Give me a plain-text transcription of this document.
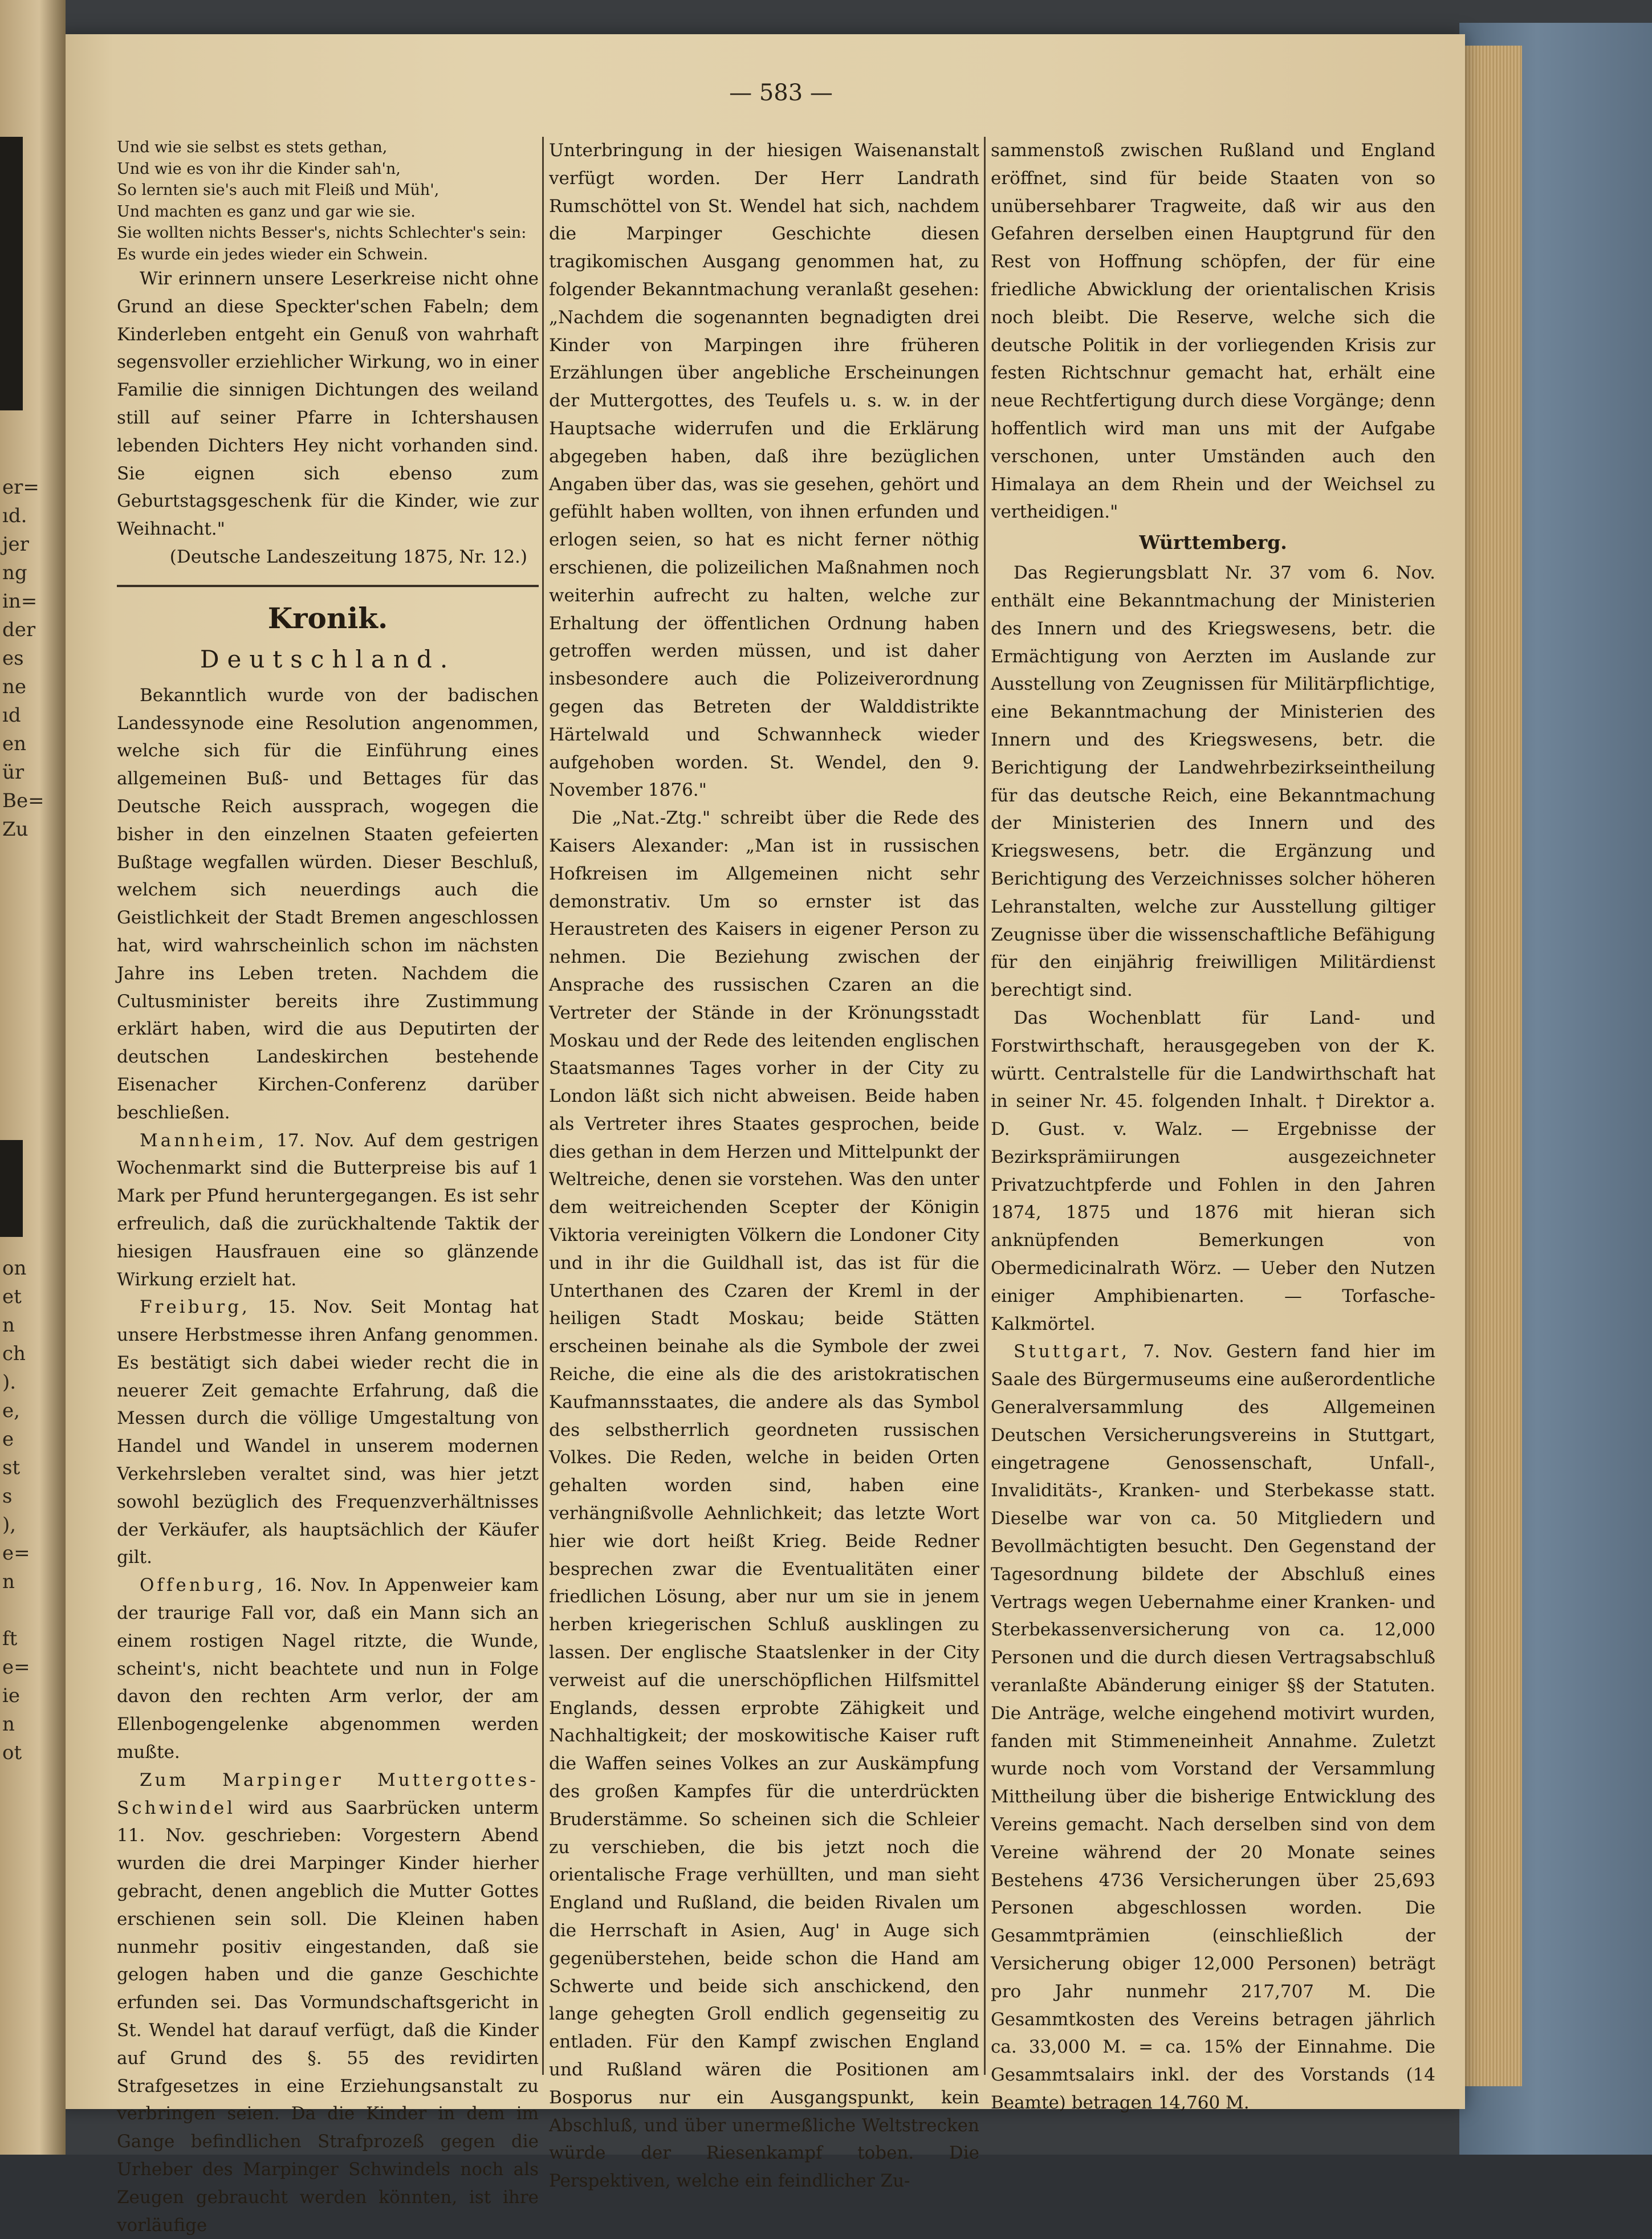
er=
ıd.
jer
ng
in=
der
es
ne
ıd
en
ür
Be=
Zu
on
et
n
ch
).
e,
e
st
s
),
e=
n

ft
e=
ie
n
ot
— 583 —
Und wie sie selbst es stets gethan,
Und wie es von ihr die Kinder sah'n,
So lernten sie's auch mit Fleiß und Müh',
Und machten es ganz und gar wie sie.
Sie wollten nichts Besser's, nichts Schlechter's sein:
Es wurde ein jedes wieder ein Schwein.

Wir erinnern unsere Leserkreise nicht ohne Grund an diese Speckter'schen Fabeln; dem Kinderleben entgeht ein Genuß von wahrhaft segensvoller erziehlicher Wirkung, wo in einer Familie die sinnigen Dichtungen des weiland still auf seiner Pfarre in Ichtershausen lebenden Dichters Hey nicht vorhanden sind. Sie eignen sich ebenso zum Geburtstagsgeschenk für die Kinder, wie zur Weihnacht."

(Deutsche Landeszeitung 1875, Nr. 12.)

Kronik.
Deutschland.

Bekanntlich wurde von der badischen Landessynode eine Resolution angenommen, welche sich für die Einführung eines allgemeinen Buß- und Bettages für das Deutsche Reich aussprach, wogegen die bisher in den einzelnen Staaten gefeierten Bußtage wegfallen würden. Dieser Beschluß, welchem sich neuerdings auch die Geistlichkeit der Stadt Bremen angeschlossen hat, wird wahrscheinlich schon im nächsten Jahre ins Leben treten. Nachdem die Cultusminister bereits ihre Zustimmung erklärt haben, wird die aus Deputirten der deutschen Landeskirchen bestehende Eisenacher Kirchen-Conferenz darüber beschließen.

Mannheim, 17. Nov. Auf dem gestrigen Wochenmarkt sind die Butterpreise bis auf 1 Mark per Pfund heruntergegangen. Es ist sehr erfreulich, daß die zurückhaltende Taktik der hiesigen Hausfrauen eine so glänzende Wirkung erzielt hat.

Freiburg, 15. Nov. Seit Montag hat unsere Herbstmesse ihren Anfang genommen. Es bestätigt sich dabei wieder recht die in neuerer Zeit gemachte Erfahrung, daß die Messen durch die völlige Umgestaltung von Handel und Wandel in unserem modernen Verkehrsleben veraltet sind, was hier jetzt sowohl bezüglich des Frequenzverhältnisses der Verkäufer, als hauptsächlich der Käufer gilt.

Offenburg, 16. Nov. In Appenweier kam der traurige Fall vor, daß ein Mann sich an einem rostigen Nagel ritzte, die Wunde, scheint's, nicht beachtete und nun in Folge davon den rechten Arm verlor, der am Ellenbogengelenke abgenommen werden mußte.

Zum Marpinger Muttergottes-Schwindel wird aus Saarbrücken unterm 11. Nov. geschrieben: Vorgestern Abend wurden die drei Marpinger Kinder hierher gebracht, denen angeblich die Mutter Gottes erschienen sein soll. Die Kleinen haben nunmehr positiv eingestanden, daß sie gelogen haben und die ganze Geschichte erfunden sei. Das Vormundschaftsgericht in St. Wendel hat darauf verfügt, daß die Kinder auf Grund des §. 55 des revidirten Strafgesetzes in eine Erziehungsanstalt zu verbringen seien. Da die Kinder in dem im Gange befindlichen Strafprozeß gegen die Urheber des Marpinger Schwindels noch als Zeugen gebraucht werden könnten, ist ihre vorläufige

Unterbringung in der hiesigen Waisenanstalt verfügt worden. Der Herr Landrath Rumschöttel von St. Wendel hat sich, nachdem die Marpinger Geschichte diesen tragikomischen Ausgang genommen hat, zu folgender Bekanntmachung veranlaßt gesehen: „Nachdem die sogenannten begnadigten drei Kinder von Marpingen ihre früheren Erzählungen über angebliche Erscheinungen der Muttergottes, des Teufels u. s. w. in der Hauptsache widerrufen und die Erklärung abgegeben haben, daß ihre bezüglichen Angaben über das, was sie gesehen, gehört und gefühlt haben wollten, von ihnen erfunden und erlogen seien, so hat es nicht ferner nöthig erschienen, die polizeilichen Maßnahmen noch weiterhin aufrecht zu halten, welche zur Erhaltung der öffentlichen Ordnung haben getroffen werden müssen, und ist daher insbesondere auch die Polizeiverordnung gegen das Betreten der Walddistrikte Härtelwald und Schwannheck wieder aufgehoben worden. St. Wendel, den 9. November 1876."

Die „Nat.-Ztg." schreibt über die Rede des Kaisers Alexander: „Man ist in russischen Hofkreisen im Allgemeinen nicht sehr demonstrativ. Um so ernster ist das Heraustreten des Kaisers in eigener Person zu nehmen. Die Beziehung zwischen der Ansprache des russischen Czaren an die Vertreter der Stände in der Krönungsstadt Moskau und der Rede des leitenden englischen Staatsmannes Tages vorher in der City zu London läßt sich nicht abweisen. Beide haben als Vertreter ihres Staates gesprochen, beide dies gethan in dem Herzen und Mittelpunkt der Weltreiche, denen sie vorstehen. Was den unter dem weitreichenden Scepter der Königin Viktoria vereinigten Völkern die Londoner City und in ihr die Guildhall ist, das ist für die Unterthanen des Czaren der Kreml in der heiligen Stadt Moskau; beide Stätten erscheinen beinahe als die Symbole der zwei Reiche, die eine als die des aristokratischen Kaufmannsstaates, die andere als das Symbol des selbstherrlich geordneten russischen Volkes. Die Reden, welche in beiden Orten gehalten worden sind, haben eine verhängnißvolle Aehnlichkeit; das letzte Wort hier wie dort heißt Krieg. Beide Redner besprechen zwar die Eventualitäten einer friedlichen Lösung, aber nur um sie in jenem herben kriegerischen Schluß ausklingen zu lassen. Der englische Staatslenker in der City verweist auf die unerschöpflichen Hilfsmittel Englands, dessen erprobte Zähigkeit und Nachhaltigkeit; der moskowitische Kaiser ruft die Waffen seines Volkes an zur Auskämpfung des großen Kampfes für die unterdrückten Bruderstämme. So scheinen sich die Schleier zu verschieben, die bis jetzt noch die orientalische Frage verhüllten, und man sieht England und Rußland, die beiden Rivalen um die Herrschaft in Asien, Aug' in Auge sich gegenüberstehen, beide schon die Hand am Schwerte und beide sich anschickend, den lange gehegten Groll endlich gegenseitig zu entladen. Für den Kampf zwischen England und Rußland wären die Positionen am Bosporus nur ein Ausgangspunkt, kein Abschluß, und über unermeßliche Weltstrecken würde der Riesenkampf toben. Die Perspektiven, welche ein feindlicher Zu-

sammenstoß zwischen Rußland und England eröffnet, sind für beide Staaten von so unübersehbarer Tragweite, daß wir aus den Gefahren derselben einen Hauptgrund für den Rest von Hoffnung schöpfen, der für eine friedliche Abwicklung der orientalischen Krisis noch bleibt. Die Reserve, welche sich die deutsche Politik in der vorliegenden Krisis zur festen Richtschnur gemacht hat, erhält eine neue Rechtfertigung durch diese Vorgänge; denn hoffentlich wird man uns mit der Aufgabe verschonen, unter Umständen auch den Himalaya an dem Rhein und der Weichsel zu vertheidigen."

Württemberg.

Das Regierungsblatt Nr. 37 vom 6. Nov. enthält eine Bekanntmachung der Ministerien des Innern und des Kriegswesens, betr. die Ermächtigung von Aerzten im Auslande zur Ausstellung von Zeugnissen für Militärpflichtige, eine Bekanntmachung der Ministerien des Innern und des Kriegswesens, betr. die Berichtigung der Landwehrbezirkseintheilung für das deutsche Reich, eine Bekanntmachung der Ministerien des Innern und des Kriegswesens, betr. die Ergänzung und Berichtigung des Verzeichnisses solcher höheren Lehranstalten, welche zur Ausstellung giltiger Zeugnisse über die wissenschaftliche Befähigung für den einjährig freiwilligen Militärdienst berechtigt sind.

Das Wochenblatt für Land- und Forstwirthschaft, herausgegeben von der K. württ. Centralstelle für die Landwirthschaft hat in seiner Nr. 45. folgenden Inhalt. † Direktor a. D. Gust. v. Walz. — Ergebnisse der Bezirksprämiirungen ausgezeichneter Privatzuchtpferde und Fohlen in den Jahren 1874, 1875 und 1876 mit hieran sich anknüpfenden Bemerkungen von Obermedicinalrath Wörz. — Ueber den Nutzen einiger Amphibienarten. — Torfasche-Kalkmörtel.

Stuttgart, 7. Nov. Gestern fand hier im Saale des Bürgermuseums eine außerordentliche Generalversammlung des Allgemeinen Deutschen Versicherungsvereins in Stuttgart, eingetragene Genossenschaft, Unfall-, Invaliditäts-, Kranken- und Sterbekasse statt. Dieselbe war von ca. 50 Mitgliedern und Bevollmächtigten besucht. Den Gegenstand der Tagesordnung bildete der Abschluß eines Vertrags wegen Uebernahme einer Kranken- und Sterbekassenversicherung von ca. 12,000 Personen und die durch diesen Vertragsabschluß veranlaßte Abänderung einiger §§ der Statuten. Die Anträge, welche eingehend motivirt wurden, fanden mit Stimmeneinheit Annahme. Zuletzt wurde noch vom Vorstand der Versammlung Mittheilung über die bisherige Entwicklung des Vereins gemacht. Nach derselben sind von dem Vereine während der 20 Monate seines Bestehens 4736 Versicherungen über 25,693 Personen abgeschlossen worden. Die Gesammtprämien (einschließlich der Versicherung obiger 12,000 Personen) beträgt pro Jahr nunmehr 217,707 M. Die Gesammtkosten des Vereins betragen jährlich ca. 33,000 M. = ca. 15% der Einnahme. Die Gesammtsalairs inkl. der des Vorstands (14 Beamte) betragen 14,760 M.
